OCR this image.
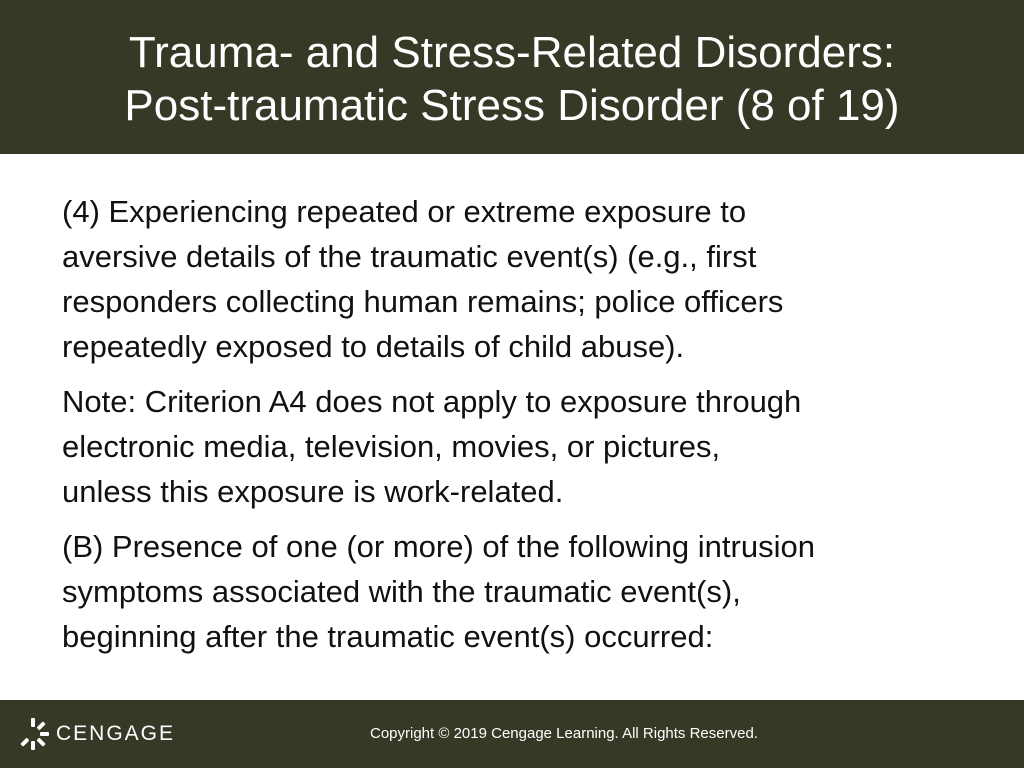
Trauma- and Stress-Related Disorders:
Post-traumatic Stress Disorder (8 of 19)

(4) Experiencing repeated or extreme exposure to
aversive details of the traumatic event(s) (e.g., first
responders collecting human remains; police officers
repeatedly exposed to details of child abuse).

Note: Criterion A4 does not apply to exposure through
electronic media, television, movies, or pictures,
unless this exposure is work-related.

(B) Presence of one (or more) of the following intrusion
symptoms associated with the traumatic event(s),
beginning after the traumatic event(s) occurred:

CENGAGE	Copyright © 2019 Cengage Learning. All Rights Reserved.
